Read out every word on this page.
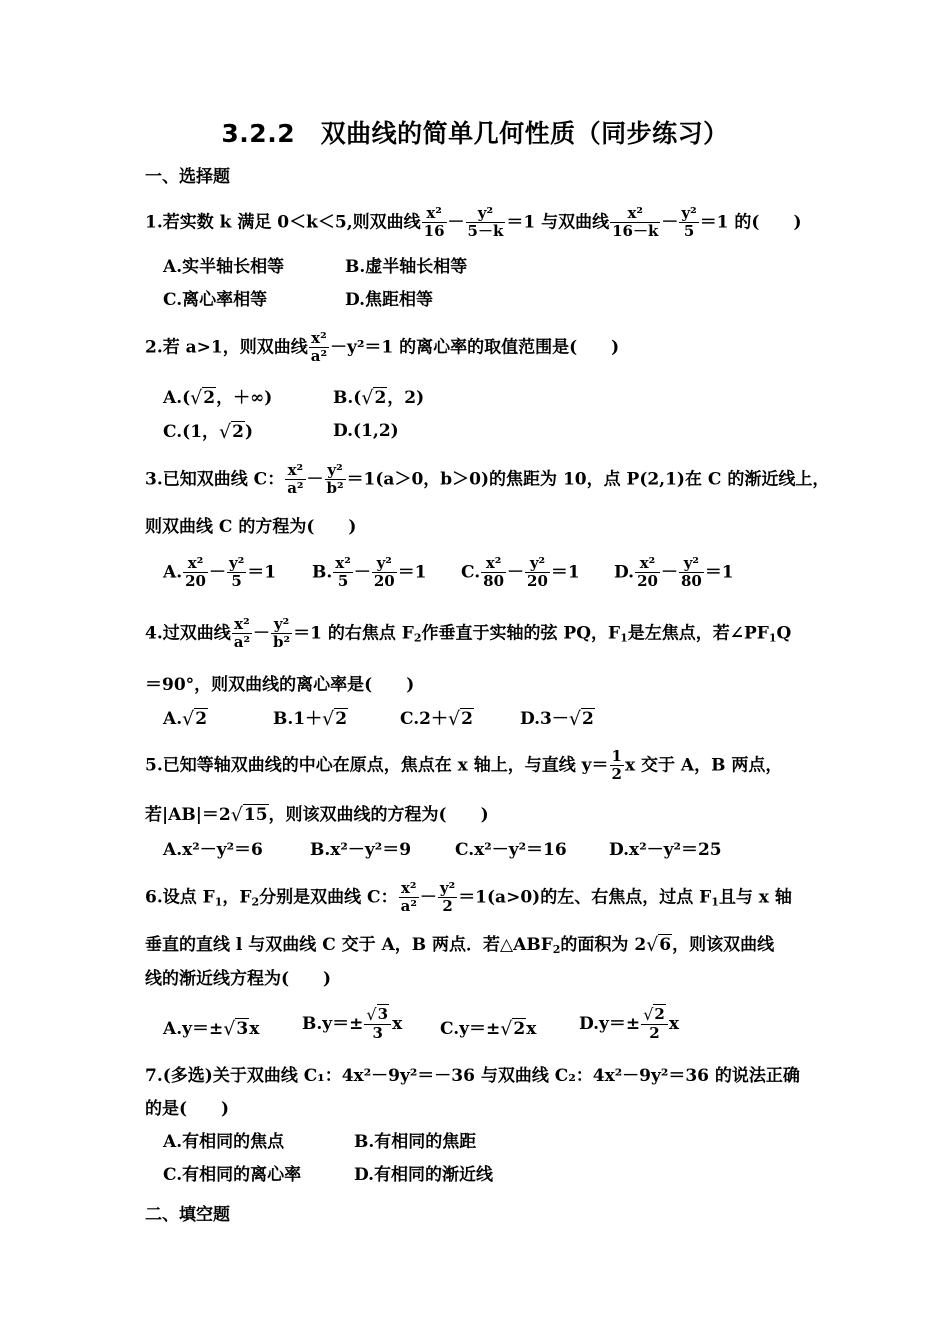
3.2.2　双曲线的简单几何性质（同步练习）
一、选择题
1.若实数 k 满足 0＜k＜5,则双曲线 $\frac{\text{x²}}{16} - \frac{\text{y²}}{5-k} =1$ 与双曲线 $\frac{\text{x²}}{16-k} - \frac{\text{y²}}{5} =1$ 的(　　)
A.实半轴长相等	B.虚半轴长相等
C.离心率相等	D.焦距相等
2.若 a>1，则双曲线 $\frac{\text{x²}}{\text{a²}} -y^2=1$ 的离心率的取值范围是(　　)
A.(√2，＋∞)	B.(√2，2)
C.(1，√2)	D.(1,2)
3.已知双曲线 C： $\frac{\text{x²}}{\text{a²}} - \frac{\text{y²}}{\text{b²}} =1(a>0$，b＞0)的焦距为 10，点 P(2,1)在 C 的渐近线上，
则双曲线 C 的方程为(　　)
A. $\frac{\text{x²}}{20} - \frac{\text{y²}}{5} =1$ B. $\frac{\text{x²}}{5} - \frac{\text{y²}}{20} =1$ C. $\frac{\text{x²}}{80} - \frac{\text{y²}}{20} =1$ D. $\frac{\text{x²}}{20} - \frac{\text{y²}}{80} =1$
4.过双曲线 $\frac{\text{x²}}{\text{a²}} - \frac{\text{y²}}{\text{b²}} =1$ 的右焦点 $F_2$作垂直于实轴的弦 PQ，$F_1$是左焦点，若$\angle PF_1Q$
＝90°，则双曲线的离心率是(　　)
A.√2	B.1＋√2	C.2＋√2	D.3－√2
5.已知等轴双曲线的中心在原点，焦点在 x 轴上，与直线 $y= \frac{1}{2}$ x 交于 A，B 两点，
若|AB|＝2√15，则该双曲线的方程为(　　)
A.x²－y²＝6	B.x²－y²＝9	C.x²－y²＝16 D.x²－y²＝25
6.设点 $F_1$，$F_2$分别是双曲线 C： $\frac{\text{x²}}{\text{a²}} - \frac{\text{y²}}{2} =1(a>0)$的左、右焦点，过点 $F_1$且与 x 轴
垂直的直线 l 与双曲线 C 交于 A，B 两点．若$\triangle ABF_2$的面积为 2√6，则该双曲线
线的渐近线方程为(　　)
A.y＝±√3x	$B.y=\pm \frac{√3}{3}$ x C.y＝±√2x	$D.y=\pm \frac{√2}{2}$ x
7.(多选)关于双曲线 C₁：4x²－9y²＝－36 与双曲线 C₂：4x²－9y²＝36 的说法正确
的是(　　)
A.有相同的焦点	B.有相同的焦距
C.有相同的离心率	D.有相同的渐近线
二、填空题
